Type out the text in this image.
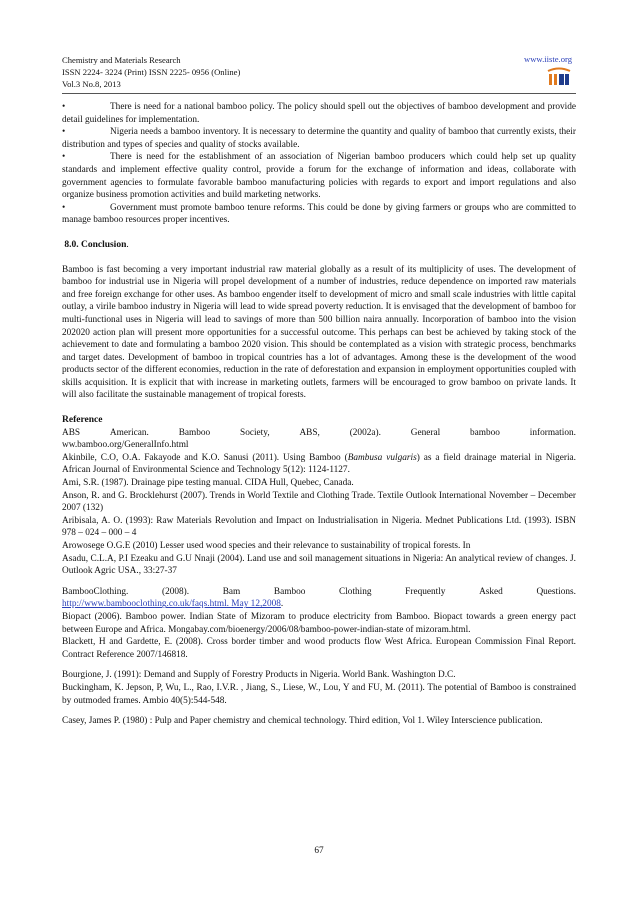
Chemistry and Materials Research
ISSN 2224- 3224 (Print) ISSN 2225- 0956 (Online)
Vol.3 No.8, 2013
www.iiste.org

•	There is need for a national bamboo policy. The policy should spell out the objectives of bamboo development and provide detail guidelines for implementation.

•	Nigeria needs a bamboo inventory. It is necessary to determine the quantity and quality of bamboo that currently exists, their distribution and types of species and quality of stocks available.

•	There is need for the establishment of an association of Nigerian bamboo producers which could help set up quality standards and implement effective quality control, provide a forum for the exchange of information and ideas, collaborate with government agencies to formulate favorable bamboo manufacturing policies with regards to export and import regulations and also organize business promotion activities and build marketing networks.

•	Government must promote bamboo tenure reforms. This could be done by giving farmers or groups who are committed to manage bamboo resources proper incentives.

8.0. Conclusion.

Bamboo is fast becoming a very important industrial raw material globally as a result of its multiplicity of uses. The development of bamboo for industrial use in Nigeria will propel development of a number of industries, reduce dependence on imported raw materials and free foreign exchange for other uses. As bamboo engender itself to development of micro and small scale industries with little capital outlay, a virile bamboo industry in Nigeria will lead to wide spread poverty reduction. It is envisaged that the development of bamboo for multi-functional uses in Nigeria will lead to savings of more than 500 billion naira annually. Incorporation of bamboo into the vision 202020 action plan will present more opportunities for a successful outcome. This perhaps can best be achieved by taking stock of the achievement to date and formulating a bamboo 2020 vision. This should be contemplated as a vision with strategic process, benchmarks and target dates. Development of bamboo in tropical countries has a lot of advantages. Among these is the development of the wood products sector of the different economies, reduction in the rate of deforestation and expansion in employment opportunities coupled with skills acquisition. It is explicit that with increase in marketing outlets, farmers will be encouraged to grow bamboo on private lands. It will also facilitate the sustainable management of tropical forests.

Reference

ABS	American.	Bamboo	Society,	ABS,	(2002a).	General	bamboo	information.

ww.bamboo.org/GeneralInfo.html

Akinbile, C.O, O.A. Fakayode and K.O. Sanusi (2011). Using Bamboo (Bambusa vulgaris) as a field drainage material in Nigeria. African Journal of Environmental Science and Technology 5(12): 1124-1127.

Ami, S.R. (1987). Drainage pipe testing manual. CIDA Hull, Quebec, Canada.

Anson, R. and G. Brocklehurst (2007). Trends in World Textile and Clothing Trade. Textile Outlook International November – December 2007 (132)

Aribisala, A. O. (1993): Raw Materials Revolution and Impact on Industrialisation in Nigeria. Mednet Publications Ltd. (1993). ISBN 978 – 024 – 000 – 4

Arowosege O.G.E (2010) Lesser used wood species and their relevance to sustainability of tropical forests. In

Asadu, C.L.A, P.I Ezeaku and G.U Nnaji (2004). Land use and soil management situations in Nigeria: An analytical review of changes. J. Outlook Agric USA., 33:27-37

BambooClothing.	(2008).	Bam	Bamboo	Clothing	Frequently	Asked	Questions.

http://www.bambooclothing.co.uk/faqs.html. May 12,2008.

Biopact (2006). Bamboo power. Indian State of Mizoram to produce electricity from Bamboo. Biopact towards a green energy pact between Europe and Africa. Mongabay.com/bioenergy/2006/08/bamboo-power-indian-state of mizoram.html.

Blackett, H and Gardette, E. (2008). Cross border timber and wood products flow West Africa. European Commission Final Report. Contract Reference 2007/146818.

Bourgione, J. (1991): Demand and Supply of Forestry Products in Nigeria. World Bank. Washington D.C.

Buckingham, K. Jepson, P, Wu, L., Rao, I.V.R. , Jiang, S., Liese, W., Lou, Y and FU, M. (2011). The potential of Bamboo is constrained by outmoded frames. Ambio 40(5):544-548.

Casey, James P. (1980) : Pulp and Paper chemistry and chemical technology. Third edition, Vol 1. Wiley Interscience publication.

67
